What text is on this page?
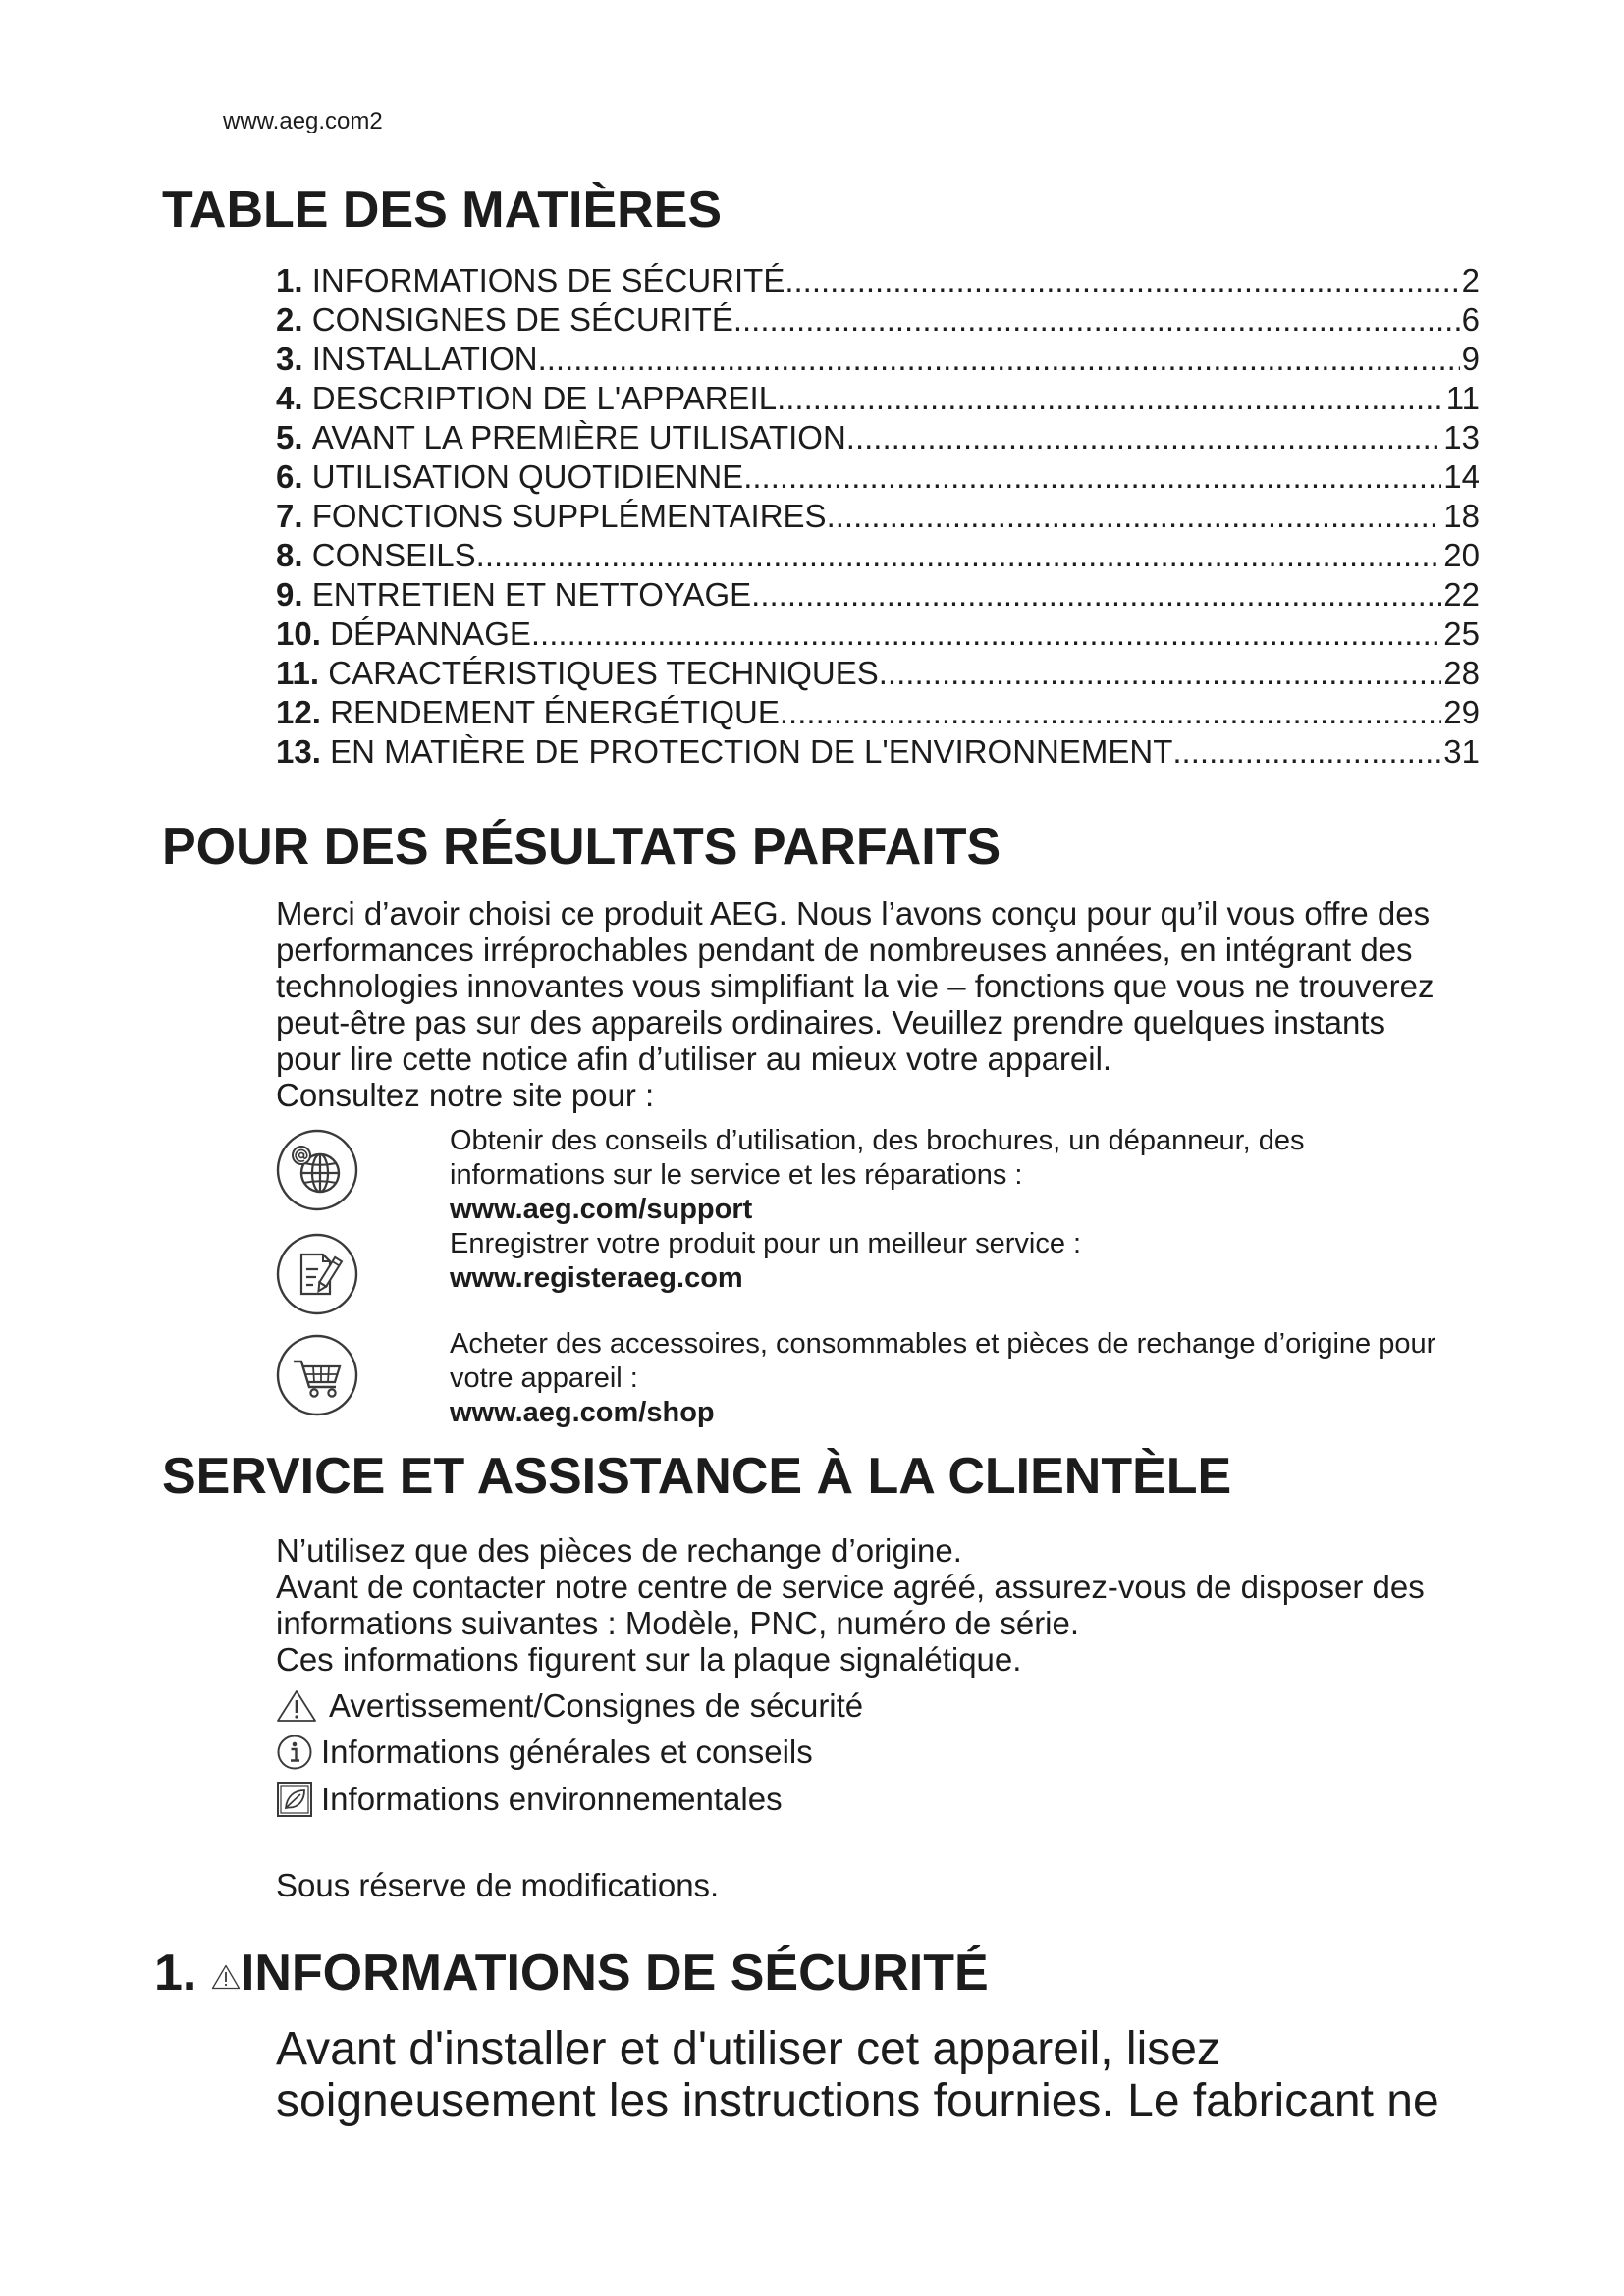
www.aeg.com2
TABLE DES MATIÈRES
1. INFORMATIONS DE SÉCURITÉ .....	2
2. CONSIGNES DE SÉCURITÉ .....	6
3. INSTALLATION .....	9
4. DESCRIPTION DE L'APPAREIL .....	11
5. AVANT LA PREMIÈRE UTILISATION .....	13
6. UTILISATION QUOTIDIENNE .....	14
7. FONCTIONS SUPPLÉMENTAIRES .....	18
8. CONSEILS .....	20
9. ENTRETIEN ET NETTOYAGE .....	22
10. DÉPANNAGE .....	25
11. CARACTÉRISTIQUES TECHNIQUES .....	28
12. RENDEMENT ÉNERGÉTIQUE .....	29
13. EN MATIÈRE DE PROTECTION DE L'ENVIRONNEMENT .....	31
POUR DES RÉSULTATS PARFAITS
Merci d’avoir choisi ce produit AEG. Nous l’avons conçu pour qu’il vous offre des
performances irréprochables pendant de nombreuses années, en intégrant des
technologies innovantes vous simplifiant la vie – fonctions que vous ne trouverez
peut-être pas sur des appareils ordinaires. Veuillez prendre quelques instants
pour lire cette notice afin d’utiliser au mieux votre appareil.
Consultez notre site pour :
Obtenir des conseils d’utilisation, des brochures, un dépanneur, des
informations sur le service et les réparations :
www.aeg.com/support
Enregistrer votre produit pour un meilleur service :
www.registeraeg.com
Acheter des accessoires, consommables et pièces de rechange d’origine pour
votre appareil :
www.aeg.com/shop
SERVICE ET ASSISTANCE À LA CLIENTÈLE
N’utilisez que des pièces de rechange d’origine.
Avant de contacter notre centre de service agréé, assurez-vous de disposer des
informations suivantes : Modèle, PNC, numéro de série.
Ces informations figurent sur la plaque signalétique.
Avertissement/Consignes de sécurité
Informations générales et conseils
Informations environnementales
Sous réserve de modifications.
1. INFORMATIONS DE SÉCURITÉ
Avant d'installer et d'utiliser cet appareil, lisez
soigneusement les instructions fournies. Le fabricant ne
